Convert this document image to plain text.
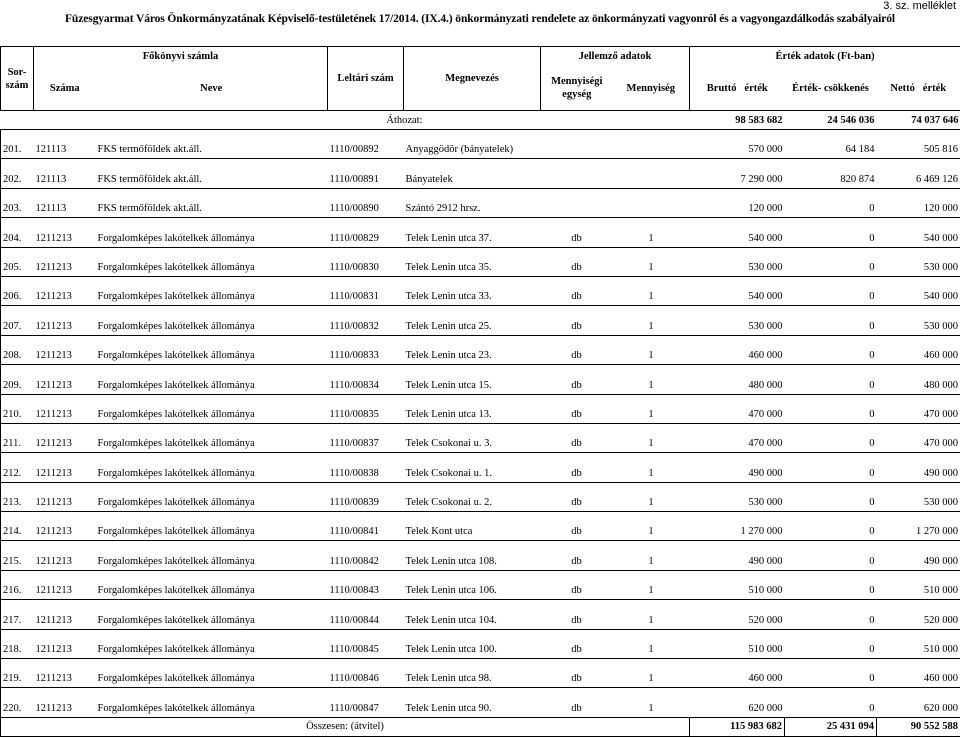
3. sz. melléklet
Füzesgyarmat Város Önkormányzatának Képviselő-testületének 17/2014. (IX.4.) önkormányzati rendelete az önkormányzati vagyonról és a vagyongazdálkodás szabályairól
Sor- szám	Főkönyvi számla		Leltári szám	Megnevezés	Jellemző adatok		Érték adatok (Ft-ban)		
	Száma	Neve			Mennyiségi egység	Mennyiség	Bruttó   érték	Érték- csökkenés	Nettó   érték
Áthozat:							98 583 682	24 546 036	74 037 646
201.	121113	FKS termőföldek akt.áll.	1110/00892	Anyaggödör (bányatelek)			570 000	64 184	505 816
202.	121113	FKS termőföldek akt.áll.	1110/00891	Bányatelek			7 290 000	820 874	6 469 126
203.	121113	FKS termőföldek akt.áll.	1110/00890	Szántó 2912 hrsz.			120 000	0	120 000
204.	1211213	Forgalomképes lakótelkek állománya	1110/00829	Telek Lenin utca 37.	db	1	540 000	0	540 000
205.	1211213	Forgalomképes lakótelkek állománya	1110/00830	Telek Lenin utca 35.	db	1	530 000	0	530 000
206.	1211213	Forgalomképes lakótelkek állománya	1110/00831	Telek Lenin utca 33.	db	1	540 000	0	540 000
207.	1211213	Forgalomképes lakótelkek állománya	1110/00832	Telek Lenin utca 25.	db	1	530 000	0	530 000
208.	1211213	Forgalomképes lakótelkek állománya	1110/00833	Telek Lenin utca 23.	db	1	460 000	0	460 000
209.	1211213	Forgalomképes lakótelkek állománya	1110/00834	Telek Lenin utca 15.	db	1	480 000	0	480 000
210.	1211213	Forgalomképes lakótelkek állománya	1110/00835	Telek Lenin utca 13.	db	1	470 000	0	470 000
211.	1211213	Forgalomképes lakótelkek állománya	1110/00837	Telek Csokonai u. 3.	db	1	470 000	0	470 000
212.	1211213	Forgalomképes lakótelkek állománya	1110/00838	Telek Csokonai u. 1.	db	1	490 000	0	490 000
213.	1211213	Forgalomképes lakótelkek állománya	1110/00839	Telek Csokonai u. 2.	db	1	530 000	0	530 000
214.	1211213	Forgalomképes lakótelkek állománya	1110/00841	Telek Kont utca	db	1	1 270 000	0	1 270 000
215.	1211213	Forgalomképes lakótelkek állománya	1110/00842	Telek Lenin utca 108.	db	1	490 000	0	490 000
216.	1211213	Forgalomképes lakótelkek állománya	1110/00843	Telek Lenin utca 106.	db	1	510 000	0	510 000
217.	1211213	Forgalomképes lakótelkek állománya	1110/00844	Telek Lenin utca 104.	db	1	520 000	0	520 000
218.	1211213	Forgalomképes lakótelkek állománya	1110/00845	Telek Lenin utca 100.	db	1	510 000	0	510 000
219.	1211213	Forgalomképes lakótelkek állománya	1110/00846	Telek Lenin utca 98.	db	1	460 000	0	460 000
220.	1211213	Forgalomképes lakótelkek állománya	1110/00847	Telek Lenin utca 90.	db	1	620 000	0	620 000
Összesen: (átvitel)							115 983 682	25 431 094	90 552 588
